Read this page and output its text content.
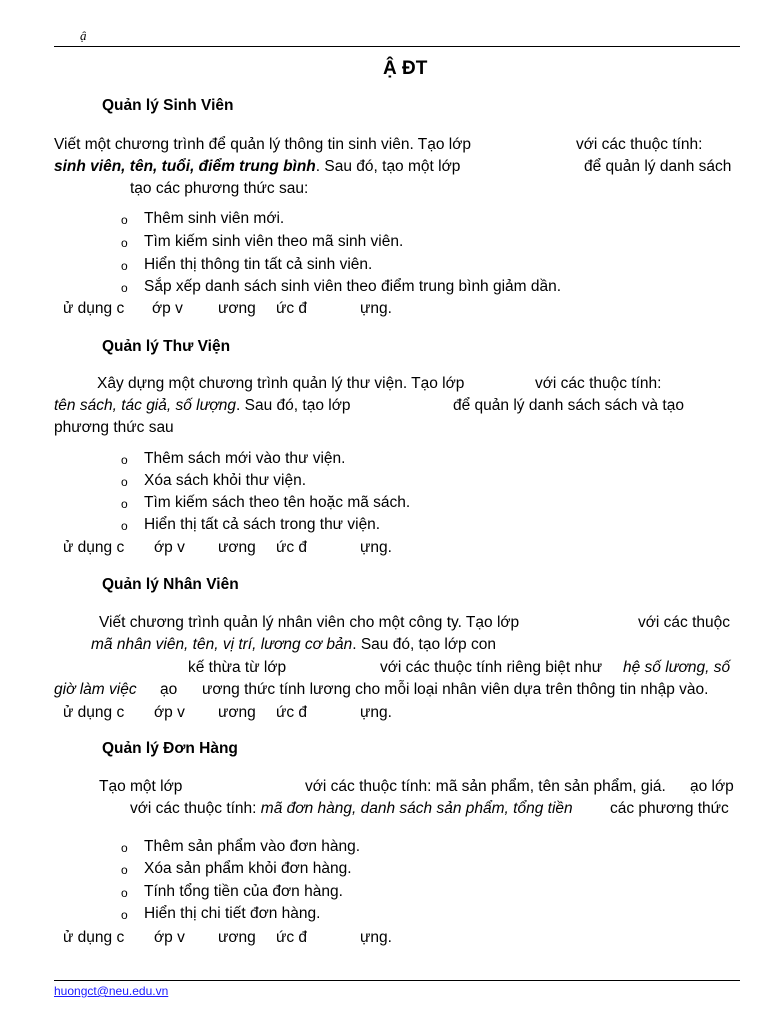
ậ
Ậ ĐT
Quản lý Sinh Viên
Viết một chương trình để quản lý thông tin sinh viên. Tạo lớp	với các thuộc tính:
sinh viên, tên, tuổi, điểm trung bình. Sau đó, tạo một lớp	để quản lý danh sách
tạo các phương thức sau:
o Thêm sinh viên mới.
o Tìm kiếm sinh viên theo mã sinh viên.
o Hiển thị thông tin tất cả sinh viên.
o Sắp xếp danh sách sinh viên theo điểm trung bình giảm dần.
ử dụng c ớp v ương ức đ	ựng.
Quản lý Thư Viện
Xây dựng một chương trình quản lý thư viện. Tạo lớp	với các thuộc tính:
tên sách, tác giả, số lượng. Sau đó, tạo lớp	để quản lý danh sách sách và tạo
phương thức sau
o Thêm sách mới vào thư viện.
o Xóa sách khỏi thư viện.
o Tìm kiếm sách theo tên hoặc mã sách.
o Hiển thị tất cả sách trong thư viện.
ử dụng c ớp v ương ức đ	ựng.
Quản lý Nhân Viên
Viết chương trình quản lý nhân viên cho một công ty. Tạo lớp	với các thuộc
mã nhân viên, tên, vị trí, lương cơ bản. Sau đó, tạo lớp con
kế thừa từ lớp	với các thuộc tính riêng biệt như hệ số lương, số
giờ làm việc ạo ương thức tính lương cho mỗi loại nhân viên dựa trên thông tin nhập vào.
ử dụng c ớp v ương ức đ	ựng.
Quản lý Đơn Hàng
Tạo một lớp	với các thuộc tính: mã sản phẩm, tên sản phẩm, giá. ạo lớp
với các thuộc tính: mã đơn hàng, danh sách sản phẩm, tổng tiền các phương thức
o Thêm sản phẩm vào đơn hàng.
o Xóa sản phẩm khỏi đơn hàng.
o Tính tổng tiền của đơn hàng.
o Hiển thị chi tiết đơn hàng.
ử dụng c ớp v ương ức đ	ựng.
huongct@neu.edu.vn
